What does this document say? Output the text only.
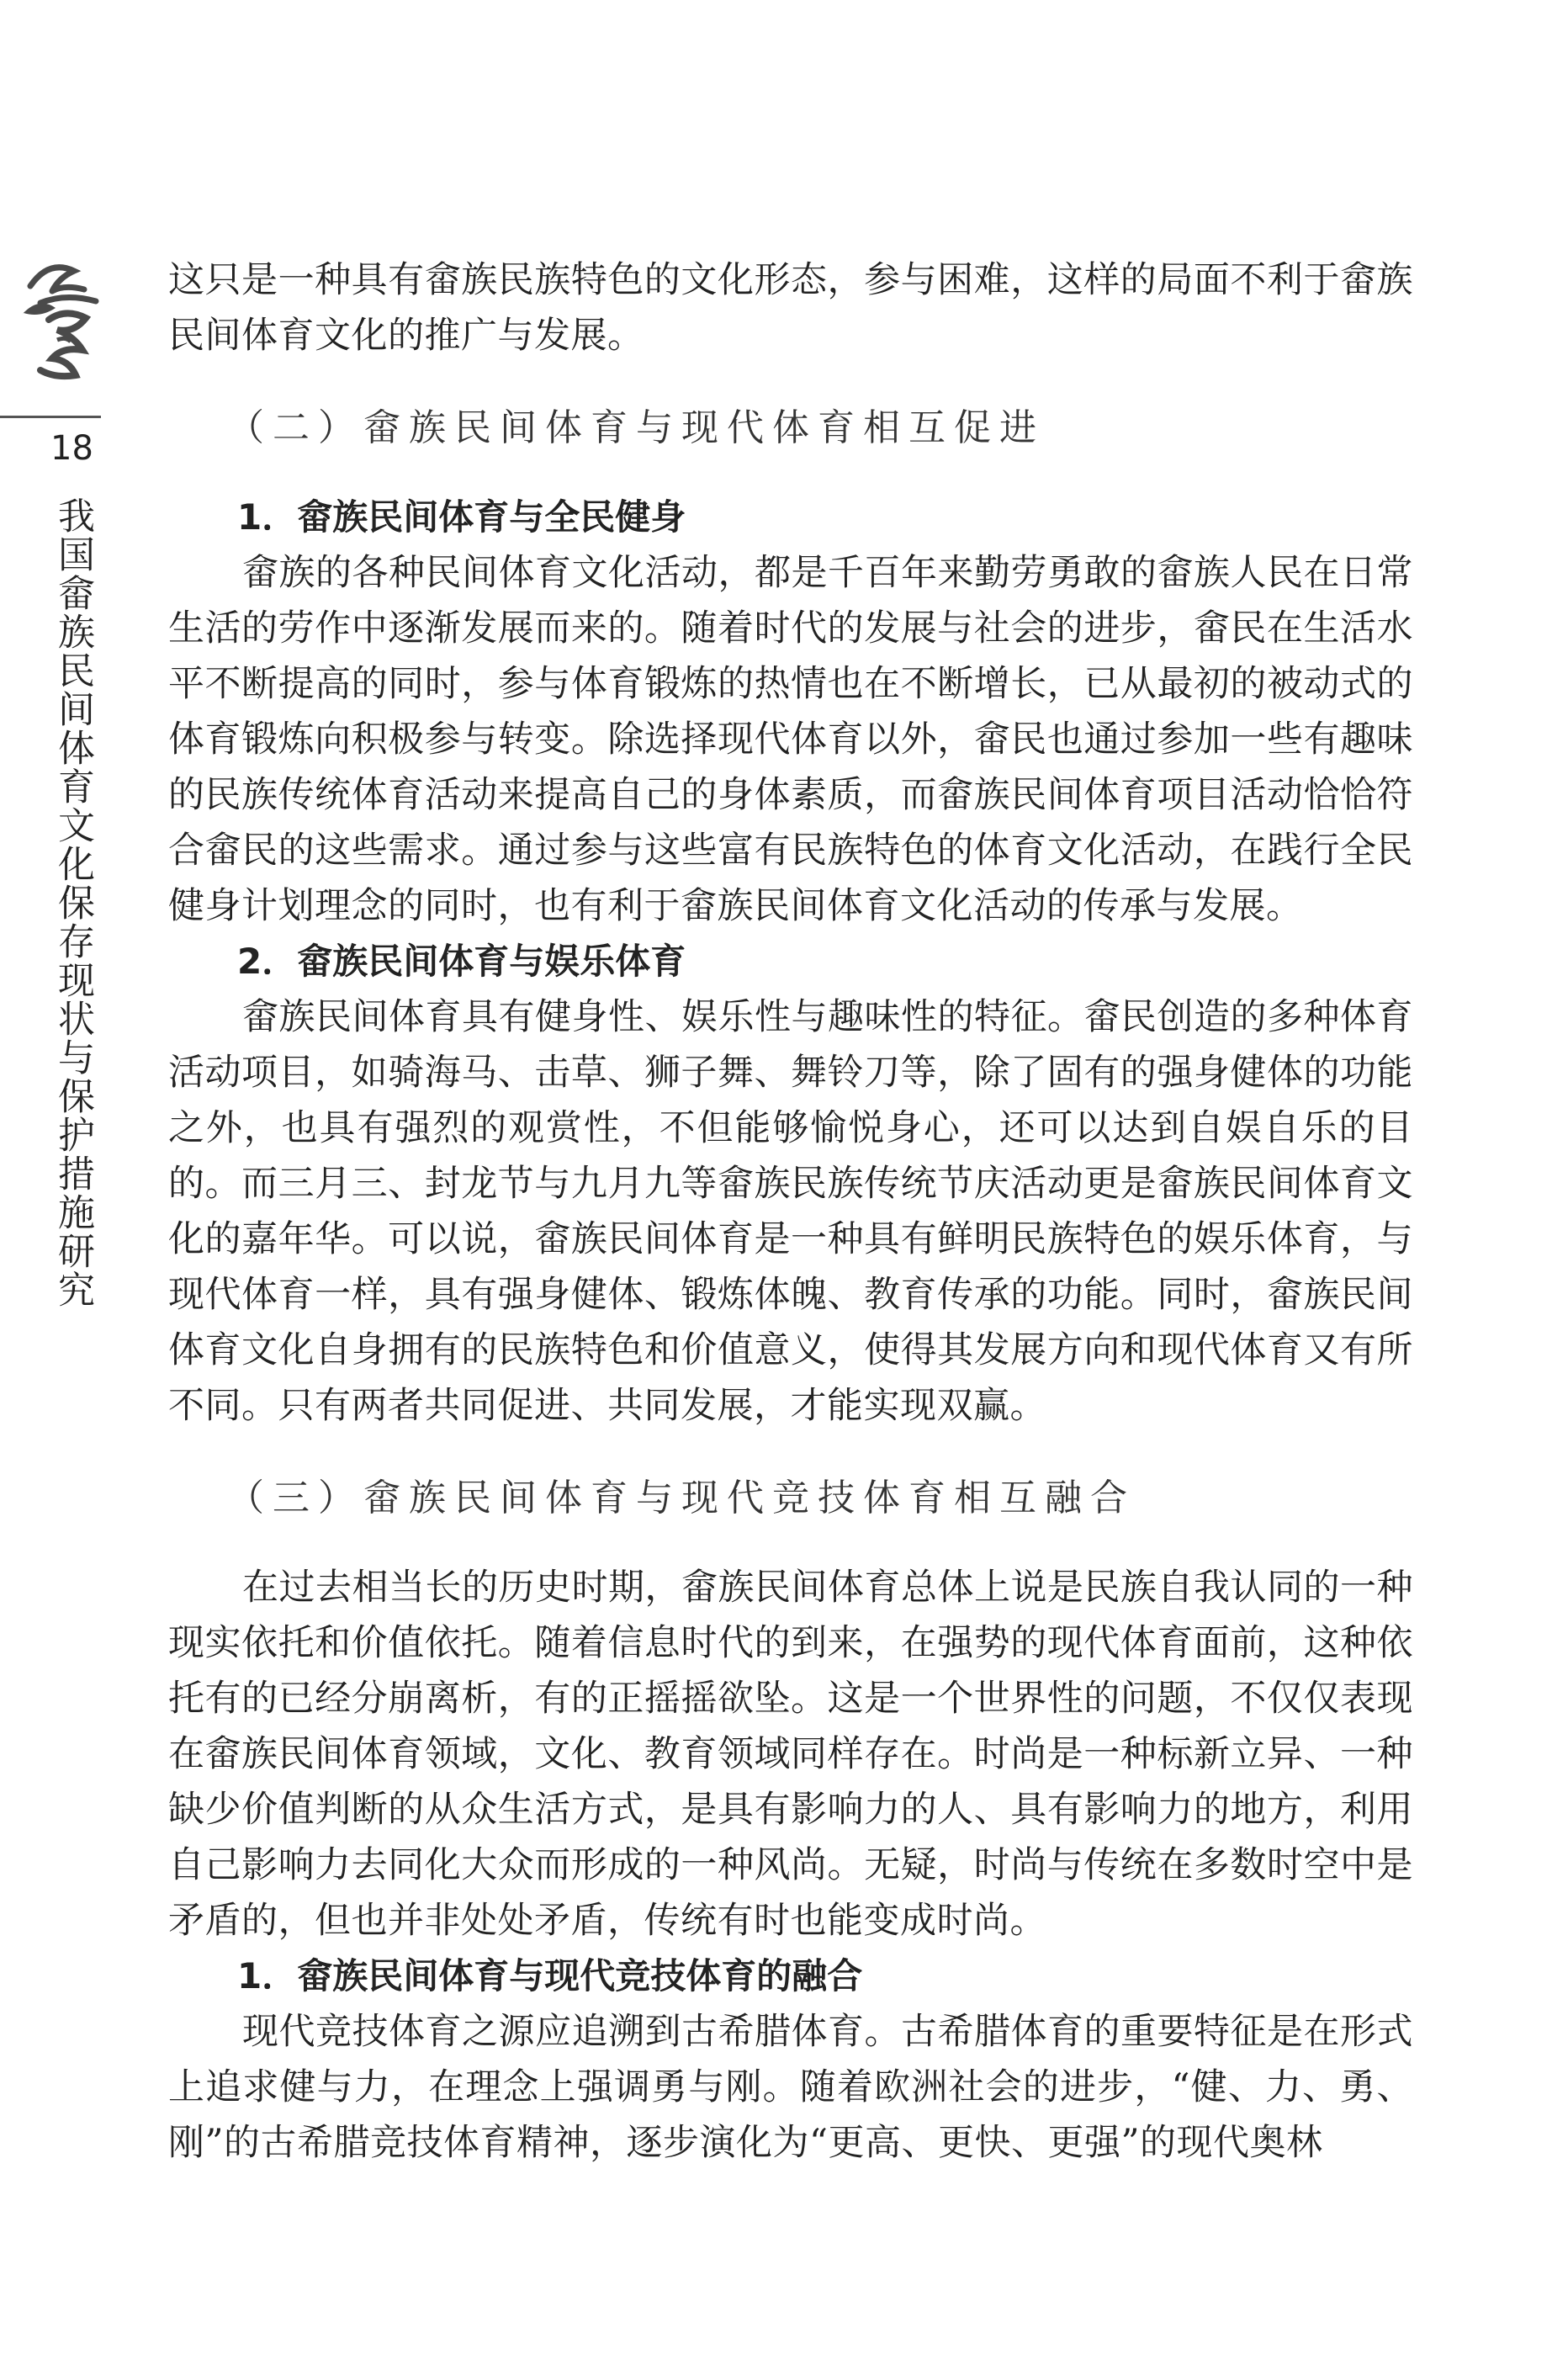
18
我国畲族民间体育文化保存现状与保护措施研究

这只是一种具有畲族民族特色的文化形态，参与困难，这样的局面不利于畲族民间体育文化的推广与发展。

（二）畲族民间体育与现代体育相互促进
1．畲族民间体育与全民健身

畲族的各种民间体育文化活动，都是千百年来勤劳勇敢的畲族人民在日常生活的劳作中逐渐发展而来的。随着时代的发展与社会的进步，畲民在生活水平不断提高的同时，参与体育锻炼的热情也在不断增长，已从最初的被动式的体育锻炼向积极参与转变。除选择现代体育以外，畲民也通过参加一些有趣味的民族传统体育活动来提高自己的身体素质，而畲族民间体育项目活动恰恰符合畲民的这些需求。通过参与这些富有民族特色的体育文化活动，在践行全民健身计划理念的同时，也有利于畲族民间体育文化活动的传承与发展。

2．畲族民间体育与娱乐体育

畲族民间体育具有健身性、娱乐性与趣味性的特征。畲民创造的多种体育活动项目，如骑海马、击草、狮子舞、舞铃刀等，除了固有的强身健体的功能之外，也具有强烈的观赏性，不但能够愉悦身心，还可以达到自娱自乐的目的。而三月三、封龙节与九月九等畲族民族传统节庆活动更是畲族民间体育文化的嘉年华。可以说，畲族民间体育是一种具有鲜明民族特色的娱乐体育，与现代体育一样，具有强身健体、锻炼体魄、教育传承的功能。同时，畲族民间体育文化自身拥有的民族特色和价值意义，使得其发展方向和现代体育又有所不同。只有两者共同促进、共同发展，才能实现双赢。

（三）畲族民间体育与现代竞技体育相互融合

在过去相当长的历史时期，畲族民间体育总体上说是民族自我认同的一种现实依托和价值依托。随着信息时代的到来，在强势的现代体育面前，这种依托有的已经分崩离析，有的正摇摇欲坠。这是一个世界性的问题，不仅仅表现在畲族民间体育领域，文化、教育领域同样存在。时尚是一种标新立异、一种缺少价值判断的从众生活方式，是具有影响力的人、具有影响力的地方，利用自己影响力去同化大众而形成的一种风尚。无疑，时尚与传统在多数时空中是矛盾的，但也并非处处矛盾，传统有时也能变成时尚。

1．畲族民间体育与现代竞技体育的融合

现代竞技体育之源应追溯到古希腊体育。古希腊体育的重要特征是在形式上追求健与力，在理念上强调勇与刚。随着欧洲社会的进步，“健、力、勇、刚”的古希腊竞技体育精神，逐步演化为“更高、更快、更强”的现代奥林
